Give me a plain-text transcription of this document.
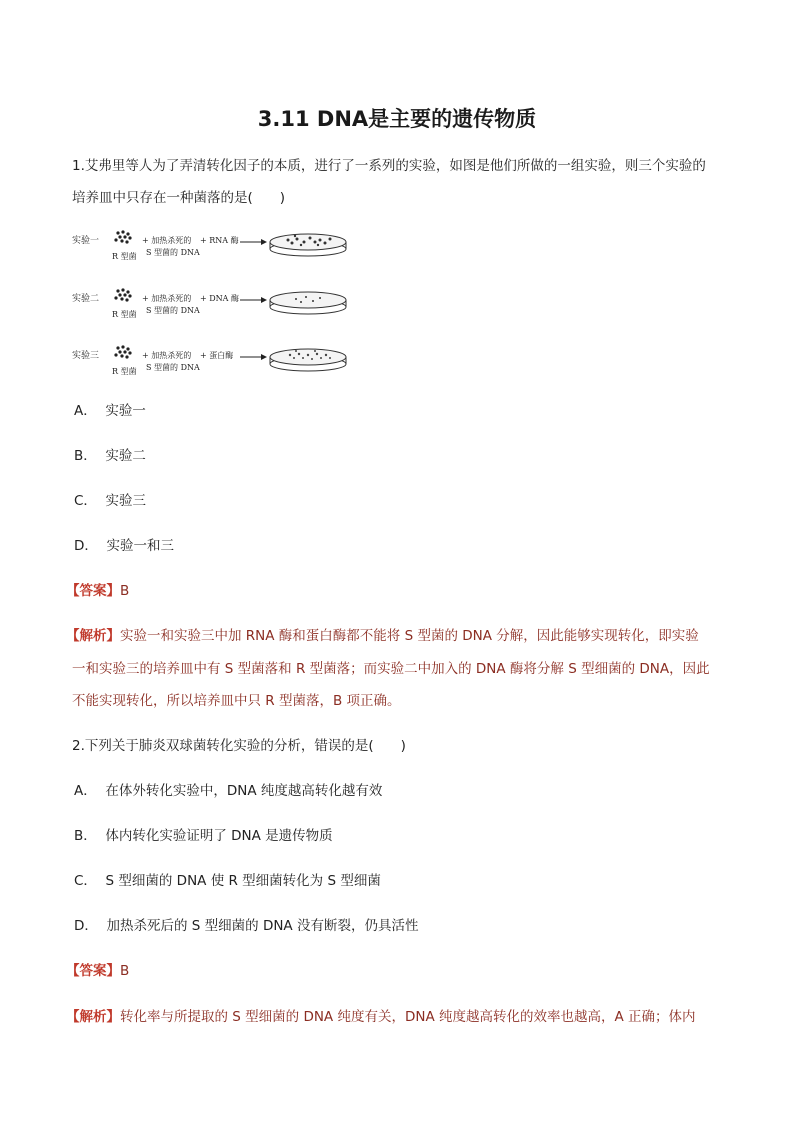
3.11 DNA是主要的遗传物质
1.艾弗里等人为了弄清转化因子的本质，进行了一系列的实验，如图是他们所做的一组实验，则三个实验的
培养皿中只存在一种菌落的是(　　)
实验一
R 型菌
+ 加热杀死的
S 型菌的 DNA
+ RNA 酶
实验二
R 型菌
+ 加热杀死的
S 型菌的 DNA
+ DNA 酶
实验三
R 型菌
+ 加热杀死的
S 型菌的 DNA
+ 蛋白酶
A． 实验一
B． 实验二
C． 实验三
D． 实验一和三
【答案】B
【解析】实验一和实验三中加 RNA 酶和蛋白酶都不能将 S 型菌的 DNA 分解，因此能够实现转化，即实验
一和实验三的培养皿中有 S 型菌落和 R 型菌落；而实验二中加入的 DNA 酶将分解 S 型细菌的 DNA，因此
不能实现转化，所以培养皿中只 R 型菌落，B 项正确。
2.下列关于肺炎双球菌转化实验的分析，错误的是(　　)
A． 在体外转化实验中，DNA 纯度越高转化越有效
B． 体内转化实验证明了 DNA 是遗传物质
C． S 型细菌的 DNA 使 R 型细菌转化为 S 型细菌
D． 加热杀死后的 S 型细菌的 DNA 没有断裂，仍具活性
【答案】B
【解析】转化率与所提取的 S 型细菌的 DNA 纯度有关，DNA 纯度越高转化的效率也越高，A 正确；体内
